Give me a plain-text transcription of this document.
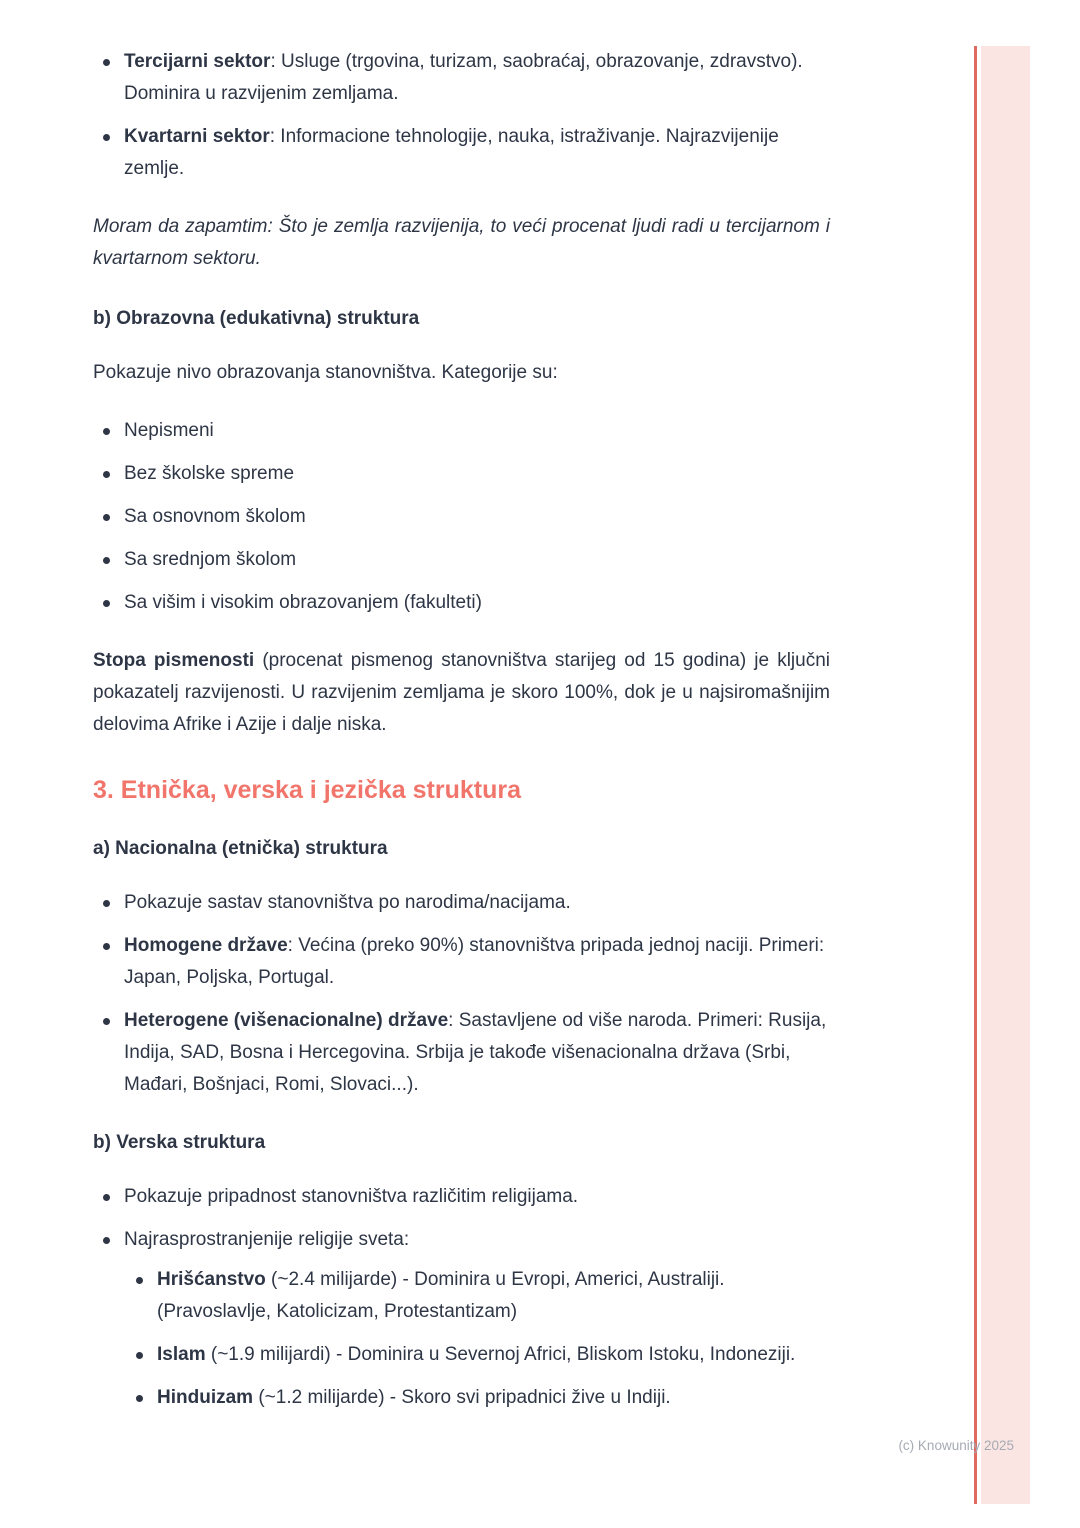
Tercijarni sektor: Usluge (trgovina, turizam, saobraćaj, obrazovanje, zdravstvo). Dominira u razvijenim zemljama.
Kvartarni sektor: Informacione tehnologije, nauka, istraživanje. Najrazvijenije zemlje.

Moram da zapamtim: Što je zemlja razvijenija, to veći procenat ljudi radi u tercijarnom i kvartarnom sektoru.

b) Obrazovna (edukativna) struktura

Pokazuje nivo obrazovanja stanovništva. Kategorije su:

Nepismeni
Bez školske spreme
Sa osnovnom školom
Sa srednjom školom
Sa višim i visokim obrazovanjem (fakulteti)

Stopa pismenosti (procenat pismenog stanovništva starijeg od 15 godina) je ključni pokazatelj razvijenosti. U razvijenim zemljama je skoro 100%, dok je u najsiromašnijim delovima Afrike i Azije i dalje niska.

3. Etnička, verska i jezička struktura
a) Nacionalna (etnička) struktura
Pokazuje sastav stanovništva po narodima/nacijama.
Homogene države: Većina (preko 90%) stanovništva pripada jednoj naciji. Primeri: Japan, Poljska, Portugal.
Heterogene (višenacionalne) države: Sastavljene od više naroda. Primeri: Rusija, Indija, SAD, Bosna i Hercegovina. Srbija je takođe višenacionalna država (Srbi, Mađari, Bošnjaci, Romi, Slovaci...).
b) Verska struktura
Pokazuje pripadnost stanovništva različitim religijama.
Najrasprostranjenije religije sveta:
Hrišćanstvo (~2.4 milijarde) - Dominira u Evropi, Americi, Australiji. (Pravoslavlje, Katolicizam, Protestantizam)
Islam (~1.9 milijardi) - Dominira u Severnoj Africi, Bliskom Istoku, Indoneziji.
Hinduizam (~1.2 milijarde) - Skoro svi pripadnici žive u Indiji.
(c) Knowunity 2025
